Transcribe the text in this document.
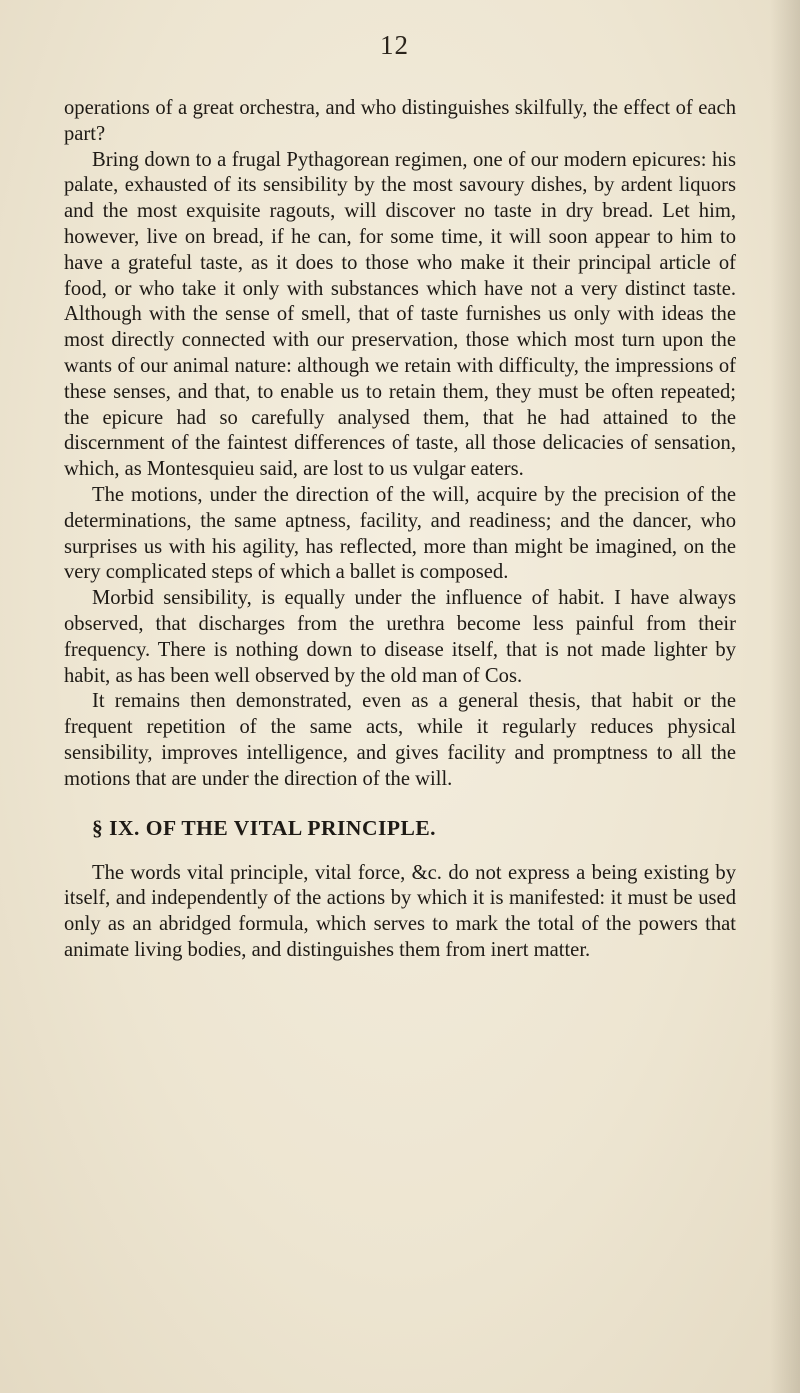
12

operations of a great orchestra, and who distinguishes skilfully, the effect of each part?

Bring down to a frugal Pythagorean regimen, one of our modern epicures: his palate, exhausted of its sensibility by the most savoury dishes, by ardent liquors and the most exquisite ragouts, will discover no taste in dry bread. Let him, however, live on bread, if he can, for some time, it will soon appear to him to have a grateful taste, as it does to those who make it their principal article of food, or who take it only with substances which have not a very distinct taste. Although with the sense of smell, that of taste furnishes us only with ideas the most directly connected with our preservation, those which most turn upon the wants of our animal nature: although we retain with difficulty, the impressions of these senses, and that, to enable us to retain them, they must be often repeated; the epicure had so carefully analysed them, that he had attained to the discernment of the faintest differences of taste, all those delicacies of sensation, which, as Montesquieu said, are lost to us vulgar eaters.

The motions, under the direction of the will, acquire by the precision of the determinations, the same aptness, facility, and readiness; and the dancer, who surprises us with his agility, has reflected, more than might be imagined, on the very complicated steps of which a ballet is composed.

Morbid sensibility, is equally under the influence of habit. I have always observed, that discharges from the urethra become less painful from their frequency. There is nothing down to disease itself, that is not made lighter by habit, as has been well observed by the old man of Cos.

It remains then demonstrated, even as a general thesis, that habit or the frequent repetition of the same acts, while it regularly reduces physical sensibility, improves intelligence, and gives facility and promptness to all the motions that are under the direction of the will.

§ IX. OF THE VITAL PRINCIPLE.

The words vital principle, vital force, &c. do not express a being existing by itself, and independently of the actions by which it is manifested: it must be used only as an abridged formula, which serves to mark the total of the powers that animate living bodies, and distinguishes them from inert matter.
